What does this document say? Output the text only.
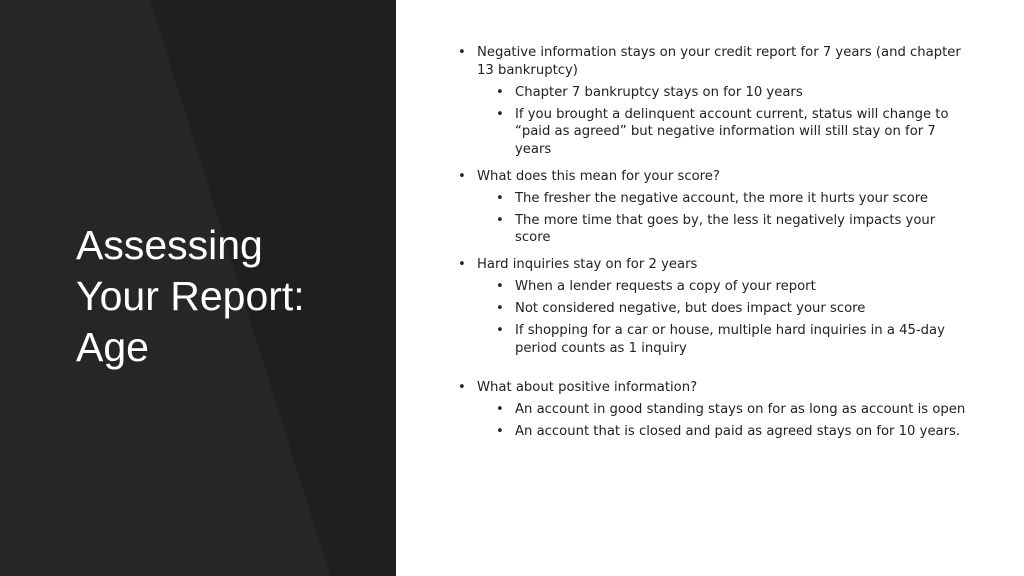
Assessing
Your Report:
Age
• Negative information stays on your credit report for 7 years (and chapter 13 bankruptcy)
• Chapter 7 bankruptcy stays on for 10 years
• If you brought a delinquent account current, status will change to “paid as agreed” but negative information will still stay on for 7 years
• What does this mean for your score?
• The fresher the negative account, the more it hurts your score
• The more time that goes by, the less it negatively impacts your score
• Hard inquiries stay on for 2 years
• When a lender requests a copy of your report
• Not considered negative, but does impact your score
• If shopping for a car or house, multiple hard inquiries in a 45-day period counts as 1 inquiry
• What about positive information?
• An account in good standing stays on for as long as account is open
• An account that is closed and paid as agreed stays on for 10 years.
